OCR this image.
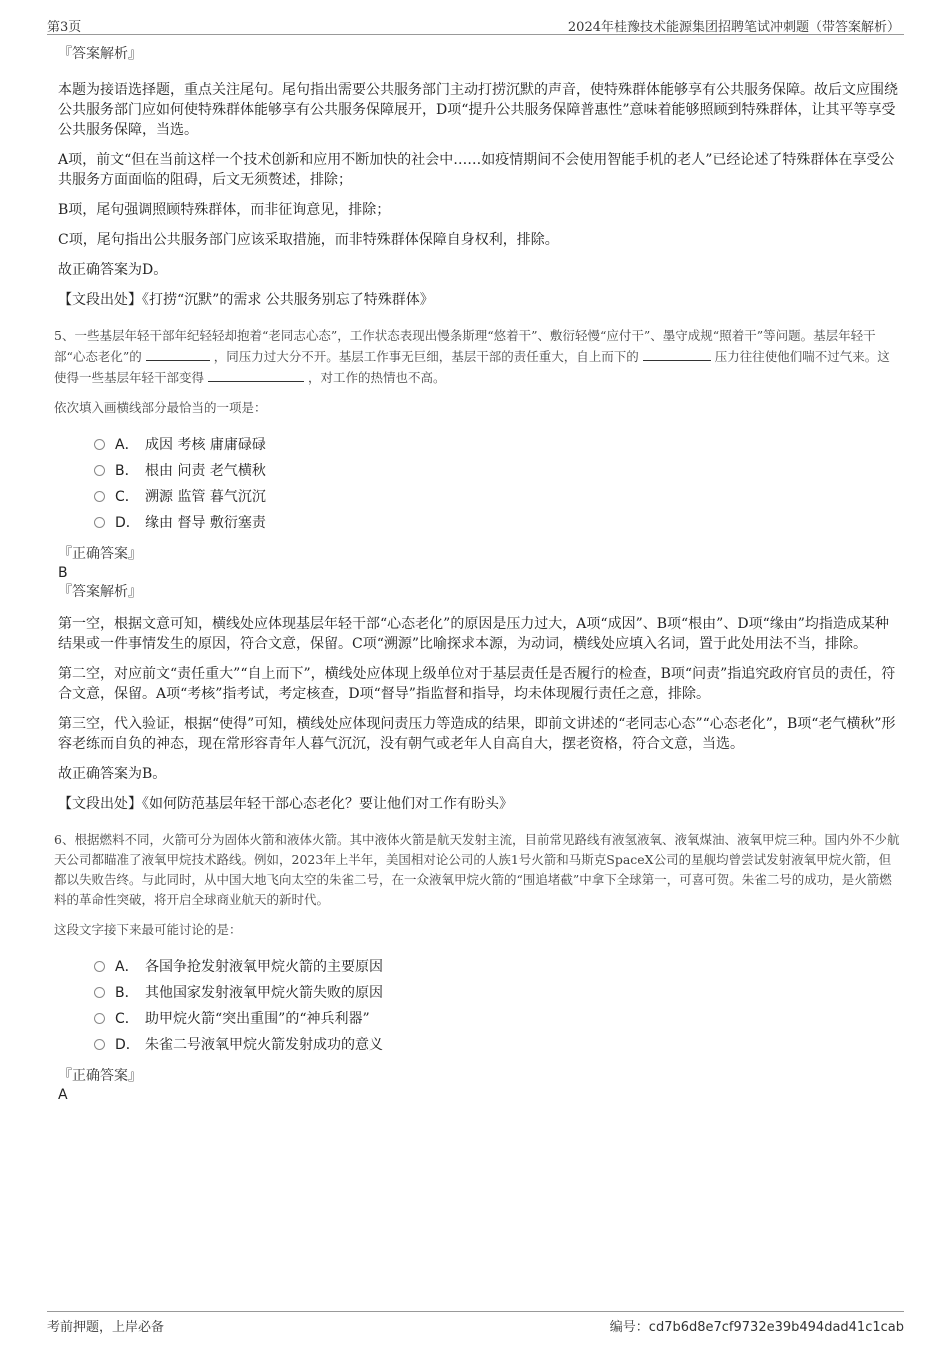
第3页	2024年桂豫技术能源集团招聘笔试冲刺题（带答案解析）
『答案解析』

本题为接语选择题，重点关注尾句。尾句指出需要公共服务部门主动打捞沉默的声音，使特殊群体能够享有公共服务保障。故后文应围绕公共服务部门应如何使特殊群体能够享有公共服务保障展开，D项“提升公共服务保障普惠性”意味着能够照顾到特殊群体，让其平等享受公共服务保障，当选。

A项，前文“但在当前这样一个技术创新和应用不断加快的社会中……如疫情期间不会使用智能手机的老人”已经论述了特殊群体在享受公共服务方面面临的阻碍，后文无须赘述，排除；

B项，尾句强调照顾特殊群体，而非征询意见，排除；

C项，尾句指出公共服务部门应该采取措施，而非特殊群体保障自身权利，排除。

故正确答案为D。

【文段出处】《打捞“沉默”的需求 公共服务别忘了特殊群体》

5、一些基层年轻干部年纪轻轻却抱着“老同志心态”，工作状态表现出慢条斯理“悠着干”、敷衍轻慢“应付干”、墨守成规“照着干”等问题。基层年轻干部“心态老化”的	，同压力过大分不开。基层工作事无巨细，基层干部的责任重大，自上而下的	压力往往使他们喘不过气来。这使得一些基层年轻干部变得	，对工作的热情也不高。

依次填入画横线部分最恰当的一项是：

A． 成因 考核 庸庸碌碌
B． 根由 问责 老气横秋
C． 溯源 监管 暮气沉沉
D． 缘由 督导 敷衍塞责
『正确答案』
B
『答案解析』

第一空，根据文意可知，横线处应体现基层年轻干部“心态老化”的原因是压力过大，A项“成因”、B项“根由”、D项“缘由”均指造成某种结果或一件事情发生的原因，符合文意，保留。C项“溯源”比喻探求本源，为动词，横线处应填入名词，置于此处用法不当，排除。

第二空，对应前文“责任重大”“自上而下”，横线处应体现上级单位对于基层责任是否履行的检查，B项“问责”指追究政府官员的责任，符合文意，保留。A项“考核”指考试，考定核查，D项“督导”指监督和指导，均未体现履行责任之意，排除。

第三空，代入验证，根据“使得”可知，横线处应体现问责压力等造成的结果，即前文讲述的“老同志心态”“心态老化”，B项“老气横秋”形容老练而自负的神态，现在常形容青年人暮气沉沉，没有朝气或老年人自高自大，摆老资格，符合文意，当选。

故正确答案为B。

【文段出处】《如何防范基层年轻干部心态老化？要让他们对工作有盼头》

6、根据燃料不同，火箭可分为固体火箭和液体火箭。其中液体火箭是航天发射主流，目前常见路线有液氢液氧、液氧煤油、液氧甲烷三种。国内外不少航天公司都瞄准了液氧甲烷技术路线。例如，2023年上半年，美国相对论公司的人族1号火箭和马斯克SpaceX公司的星舰均曾尝试发射液氧甲烷火箭，但都以失败告终。与此同时，从中国大地飞向太空的朱雀二号，在一众液氧甲烷火箭的“围追堵截”中拿下全球第一，可喜可贺。朱雀二号的成功，是火箭燃料的革命性突破，将开启全球商业航天的新时代。

这段文字接下来最可能讨论的是：

A． 各国争抢发射液氧甲烷火箭的主要原因
B． 其他国家发射液氧甲烷火箭失败的原因
C． 助甲烷火箭“突出重围”的“神兵利器”
D． 朱雀二号液氧甲烷火箭发射成功的意义
『正确答案』
A
考前押题，上岸必备	编号：cd7b6d8e7cf9732e39b494dad41c1cab
